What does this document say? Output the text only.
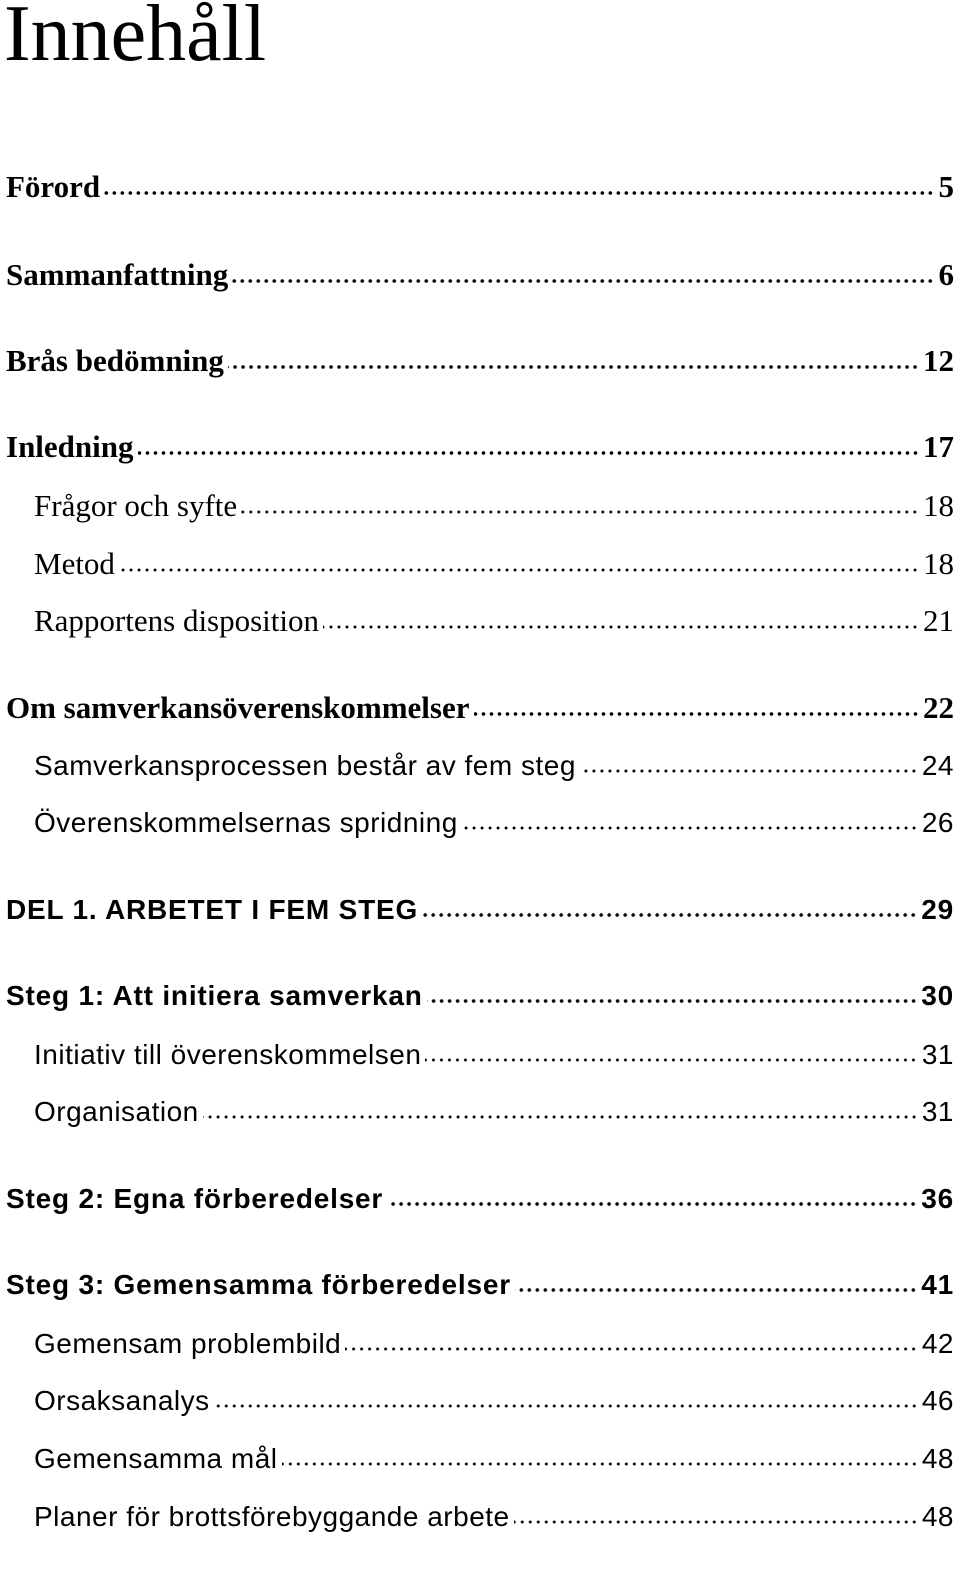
Innehåll
Förord	5
Sammanfattning	6
Brås bedömning	12
Inledning	17
Frågor och syfte	18
Metod	18
Rapportens disposition	21
Om samverkansöverenskommelser	22
Samverkansprocessen består av fem steg	24
Överenskommelsernas spridning	26
DEL 1. ARBETET I FEM STEG	29
Steg 1: Att initiera samverkan	30
Initiativ till överenskommelsen	31
Organisation	31
Steg 2: Egna förberedelser	36
Steg 3: Gemensamma förberedelser	41
Gemensam problembild	42
Orsaksanalys	46
Gemensamma mål	48
Planer för brottsförebyggande arbete	48
